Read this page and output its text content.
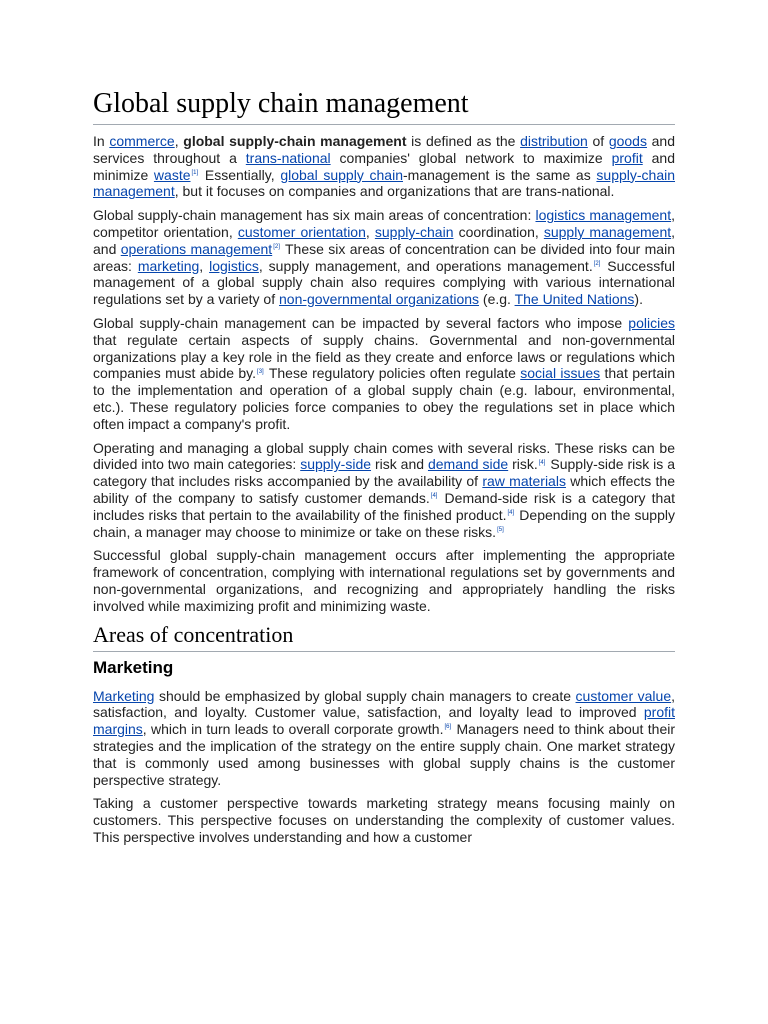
Global supply chain management

In commerce, global supply-chain management is defined as the distribution of goods and services throughout a trans-national companies' global network to maximize profit and minimize waste[1] Essentially, global supply chain-management is the same as supply-chain management, but it focuses on companies and organizations that are trans-national.

Global supply-chain management has six main areas of concentration: logistics management, competitor orientation, customer orientation, supply-chain coordination, supply management, and operations management[2] These six areas of concentration can be divided into four main areas: marketing, logistics, supply management, and operations management.[2] Successful management of a global supply chain also requires complying with various international regulations set by a variety of non-governmental organizations (e.g. The United Nations).

Global supply-chain management can be impacted by several factors who impose policies that regulate certain aspects of supply chains. Governmental and non-governmental organizations play a key role in the field as they create and enforce laws or regulations which companies must abide by.[3] These regulatory policies often regulate social issues that pertain to the implementation and operation of a global supply chain (e.g. labour, environmental, etc.). These regulatory policies force companies to obey the regulations set in place which often impact a company's profit.

Operating and managing a global supply chain comes with several risks. These risks can be divided into two main categories: supply-side risk and demand side risk.[4] Supply-side risk is a category that includes risks accompanied by the availability of raw materials which effects the ability of the company to satisfy customer demands.[4] Demand-side risk is a category that includes risks that pertain to the availability of the finished product.[4] Depending on the supply chain, a manager may choose to minimize or take on these risks.[5]

Successful global supply-chain management occurs after implementing the appropriate framework of concentration, complying with international regulations set by governments and non-governmental organizations, and recognizing and appropriately handling the risks involved while maximizing profit and minimizing waste.

Areas of concentration
Marketing

Marketing should be emphasized by global supply chain managers to create customer value, satisfaction, and loyalty. Customer value, satisfaction, and loyalty lead to improved profit margins, which in turn leads to overall corporate growth.[6] Managers need to think about their strategies and the implication of the strategy on the entire supply chain. One market strategy that is commonly used among businesses with global supply chains is the customer perspective strategy.

Taking a customer perspective towards marketing strategy means focusing mainly on customers. This perspective focuses on understanding the complexity of customer values. This perspective involves understanding and how a customer
